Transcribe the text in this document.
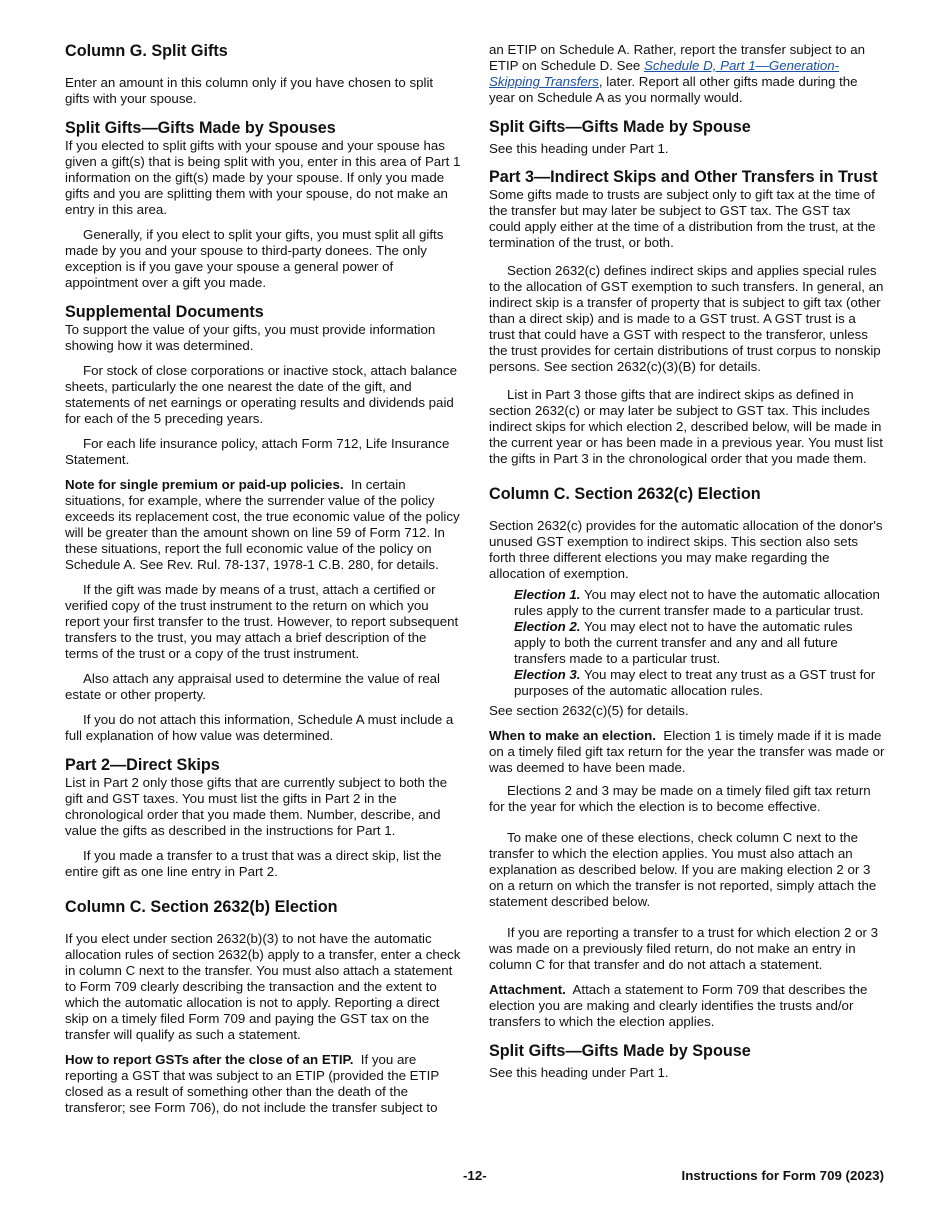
Column G. Split Gifts

Enter an amount in this column only if you have chosen to split gifts with your spouse.

Split Gifts—Gifts Made by Spouses

If you elected to split gifts with your spouse and your spouse has given a gift(s) that is being split with you, enter in this area of Part 1 information on the gift(s) made by your spouse. If only you made gifts and you are splitting them with your spouse, do not make an entry in this area.

Generally, if you elect to split your gifts, you must split all gifts made by you and your spouse to third-party donees. The only exception is if you gave your spouse a general power of appointment over a gift you made.

Supplemental Documents

To support the value of your gifts, you must provide information showing how it was determined.

For stock of close corporations or inactive stock, attach balance sheets, particularly the one nearest the date of the gift, and statements of net earnings or operating results and dividends paid for each of the 5 preceding years.

For each life insurance policy, attach Form 712, Life Insurance Statement.

Note for single premium or paid-up policies. In certain situations, for example, where the surrender value of the policy exceeds its replacement cost, the true economic value of the policy will be greater than the amount shown on line 59 of Form 712. In these situations, report the full economic value of the policy on Schedule A. See Rev. Rul. 78-137, 1978-1 C.B. 280, for details.

If the gift was made by means of a trust, attach a certified or verified copy of the trust instrument to the return on which you report your first transfer to the trust. However, to report subsequent transfers to the trust, you may attach a brief description of the terms of the trust or a copy of the trust instrument.

Also attach any appraisal used to determine the value of real estate or other property.

If you do not attach this information, Schedule A must include a full explanation of how value was determined.

Part 2—Direct Skips

List in Part 2 only those gifts that are currently subject to both the gift and GST taxes. You must list the gifts in Part 2 in the chronological order that you made them. Number, describe, and value the gifts as described in the instructions for Part 1.

If you made a transfer to a trust that was a direct skip, list the entire gift as one line entry in Part 2.

Column C. Section 2632(b) Election

If you elect under section 2632(b)(3) to not have the automatic allocation rules of section 2632(b) apply to a transfer, enter a check in column C next to the transfer. You must also attach a statement to Form 709 clearly describing the transaction and the extent to which the automatic allocation is not to apply. Reporting a direct skip on a timely filed Form 709 and paying the GST tax on the transfer will qualify as such a statement.

How to report GSTs after the close of an ETIP. If you are reporting a GST that was subject to an ETIP (provided the ETIP closed as a result of something other than the death of the transferor; see Form 706), do not include the transfer subject to

an ETIP on Schedule A. Rather, report the transfer subject to an ETIP on Schedule D. See Schedule D, Part 1—Generation-Skipping Transfers, later. Report all other gifts made during the year on Schedule A as you normally would.

Split Gifts—Gifts Made by Spouse

See this heading under Part 1.

Part 3—Indirect Skips and Other Transfers in Trust

Some gifts made to trusts are subject only to gift tax at the time of the transfer but may later be subject to GST tax. The GST tax could apply either at the time of a distribution from the trust, at the termination of the trust, or both.

Section 2632(c) defines indirect skips and applies special rules to the allocation of GST exemption to such transfers. In general, an indirect skip is a transfer of property that is subject to gift tax (other than a direct skip) and is made to a GST trust. A GST trust is a trust that could have a GST with respect to the transferor, unless the trust provides for certain distributions of trust corpus to nonskip persons. See section 2632(c)(3)(B) for details.

List in Part 3 those gifts that are indirect skips as defined in section 2632(c) or may later be subject to GST tax. This includes indirect skips for which election 2, described below, will be made in the current year or has been made in a previous year. You must list the gifts in Part 3 in the chronological order that you made them.

Column C. Section 2632(c) Election

Section 2632(c) provides for the automatic allocation of the donor's unused GST exemption to indirect skips. This section also sets forth three different elections you may make regarding the allocation of exemption.

Election 1. You may elect not to have the automatic allocation rules apply to the current transfer made to a particular trust.

Election 2. You may elect not to have the automatic rules apply to both the current transfer and any and all future transfers made to a particular trust.

Election 3. You may elect to treat any trust as a GST trust for purposes of the automatic allocation rules.

See section 2632(c)(5) for details.

When to make an election. Election 1 is timely made if it is made on a timely filed gift tax return for the year the transfer was made or was deemed to have been made.

Elections 2 and 3 may be made on a timely filed gift tax return for the year for which the election is to become effective.

To make one of these elections, check column C next to the transfer to which the election applies. You must also attach an explanation as described below. If you are making election 2 or 3 on a return on which the transfer is not reported, simply attach the statement described below.

If you are reporting a transfer to a trust for which election 2 or 3 was made on a previously filed return, do not make an entry in column C for that transfer and do not attach a statement.

Attachment. Attach a statement to Form 709 that describes the election you are making and clearly identifies the trusts and/or transfers to which the election applies.

Split Gifts—Gifts Made by Spouse

See this heading under Part 1.

-12-	Instructions for Form 709 (2023)
